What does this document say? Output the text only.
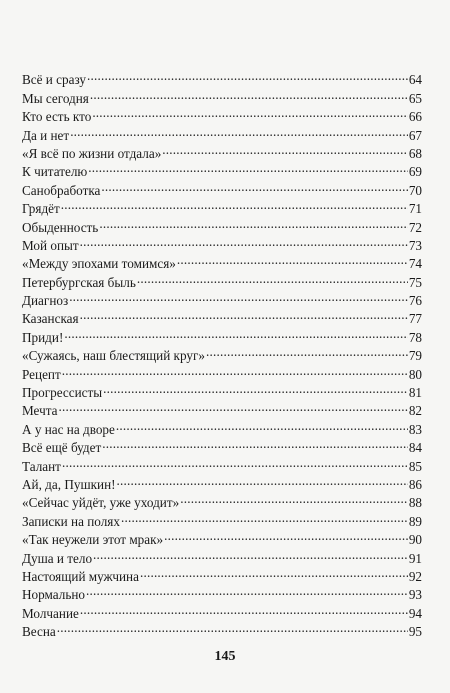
Всё и сразу .....	64
Мы сегодня .....	65
Кто есть кто .....	66
Да и нет .....	67
«Я всё по жизни отдала» .....	68
К читателю .....	69
Санобработка .....	70
Грядёт .....	71
Обыденность .....	72
Мой опыт .....	73
«Между эпохами томимся» .....	74
Петербургская быль .....	75
Диагноз .....	76
Казанская .....	77
Приди! .....	78
«Сужаясь, наш блестящий круг» .....	79
Рецепт .....	80
Прогрессисты .....	81
Мечта .....	82
А у нас на дворе .....	83
Всё ещё будет .....	84
Талант .....	85
Ай, да, Пушкин! .....	86
«Сейчас уйдёт, уже уходит» .....	88
Записки на полях .....	89
«Так неужели этот мрак» .....	90
Душа и тело .....	91
Настоящий мужчина .....	92
Нормально .....	93
Молчание .....	94
Весна .....	95
145
